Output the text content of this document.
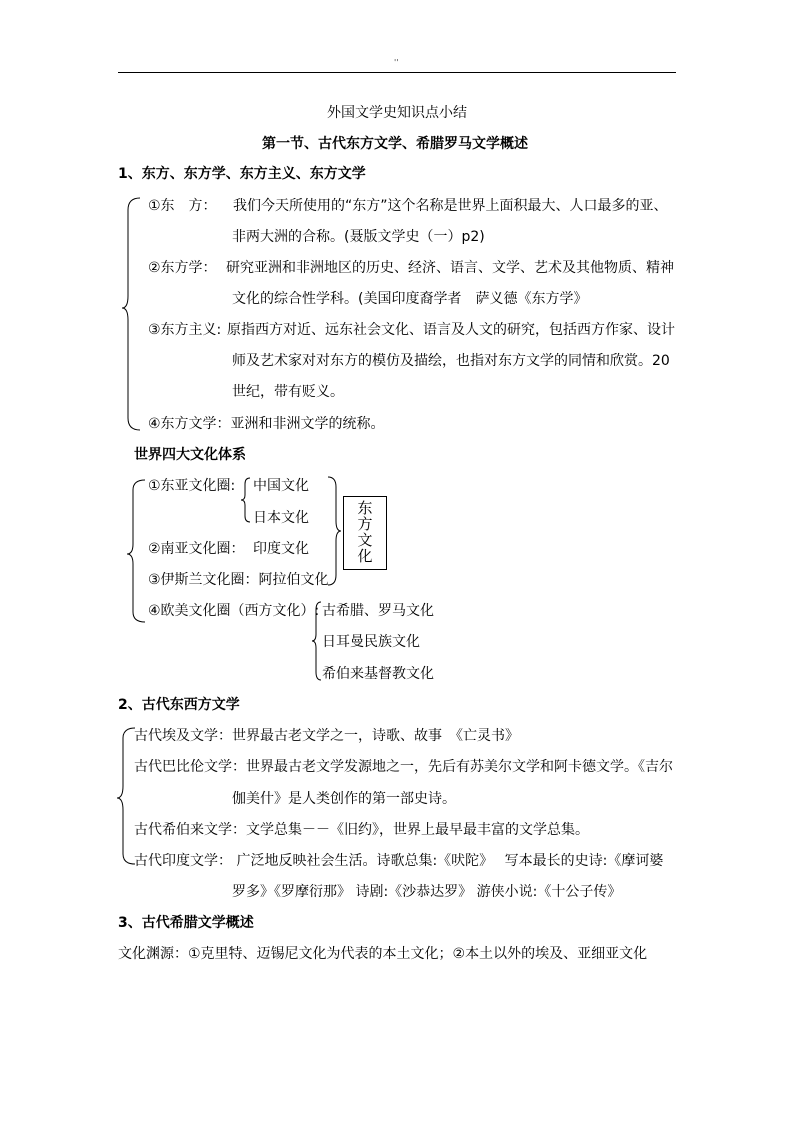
''
外国文学史知识点小结
第一节、古代东方文学、希腊罗马文学概述
1、东方、东方学、东方主义、东方文学
①东　方： 我们今天所使用的“东方”这个名称是世界上面积最大、人口最多的亚、
非两大洲的合称。(聂版文学史（一）p2)
②东方学： 研究亚洲和非洲地区的历史、经济、语言、文学、艺术及其他物质、精神
文化的综合性学科。(美国印度裔学者　萨义德《东方学》
③东方主义: 原指西方对近、远东社会文化、语言及人文的研究，包括西方作家、设计
师及艺术家对对东方的模仿及描绘，也指对东方文学的同情和欣赏。20
世纪，带有贬义。
④东方文学：亚洲和非洲文学的统称。
世界四大文化体系
①东亚文化圈: 中国文化
日本文化
②南亚文化圈： 印度文化
③伊斯兰文化圈：阿拉伯文化
东方文化
④欧美文化圈（西方文化）: 古希腊、罗马文化
日耳曼民族文化
希伯来基督教文化
2、古代东西方文学
古代埃及文学：世界最古老文学之一，诗歌、故事　《亡灵书》
古代巴比伦文学：世界最古老文学发源地之一，先后有苏美尔文学和阿卡德文学。《吉尔
伽美什》是人类创作的第一部史诗。
古代希伯来文学：文学总集－－《旧约》，世界上最早最丰富的文学总集。
古代印度文学： 广泛地反映社会生活。诗歌总集:《吠陀》　 写本最长的史诗:《摩诃婆
罗多》《罗摩衍那》 诗剧:《沙恭达罗》 游侠小说:《十公子传》
3、古代希腊文学概述
文化渊源：①克里特、迈锡尼文化为代表的本土文化；②本土以外的埃及、亚细亚文化
